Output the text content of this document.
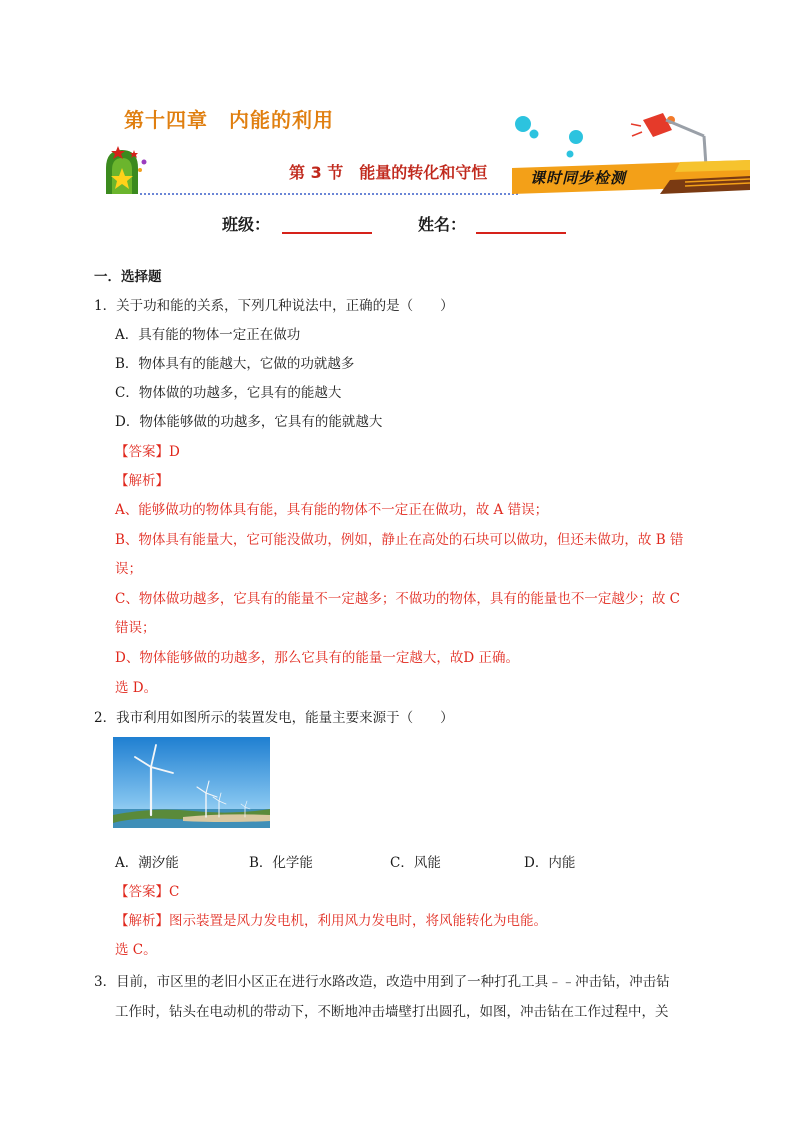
第十四章　内能的利用
第 3 节　能量的转化和守恒	课时同步检测
班级：	姓名：
一．选择题
1．关于功和能的关系，下列几种说法中，正确的是（　　）
A．具有能的物体一定正在做功
B．物体具有的能越大，它做的功就越多
C．物体做的功越多，它具有的能越大
D．物体能够做的功越多，它具有的能就越大
【答案】D
【解析】
A、能够做功的物体具有能，具有能的物体不一定正在做功，故 A 错误；
B、物体具有能量大，它可能没做功，例如，静止在高处的石块可以做功，但还未做功，故 B 错
误；
C、物体做功越多，它具有的能量不一定越多；不做功的物体，具有的能量也不一定越少；故 C
错误；
D、物体能够做的功越多，那么它具有的能量一定越大，故D 正确。
选 D。
2．我市利用如图所示的装置发电，能量主要来源于（　　）
A．潮汐能	B．化学能	C．风能	D．内能
【答案】C
【解析】图示装置是风力发电机，利用风力发电时，将风能转化为电能。
选 C。
3．目前，市区里的老旧小区正在进行水路改造，改造中用到了一种打孔工具﹣﹣冲击钻，冲击钻
工作时，钻头在电动机的带动下，不断地冲击墙壁打出圆孔，如图，冲击钻在工作过程中，关
